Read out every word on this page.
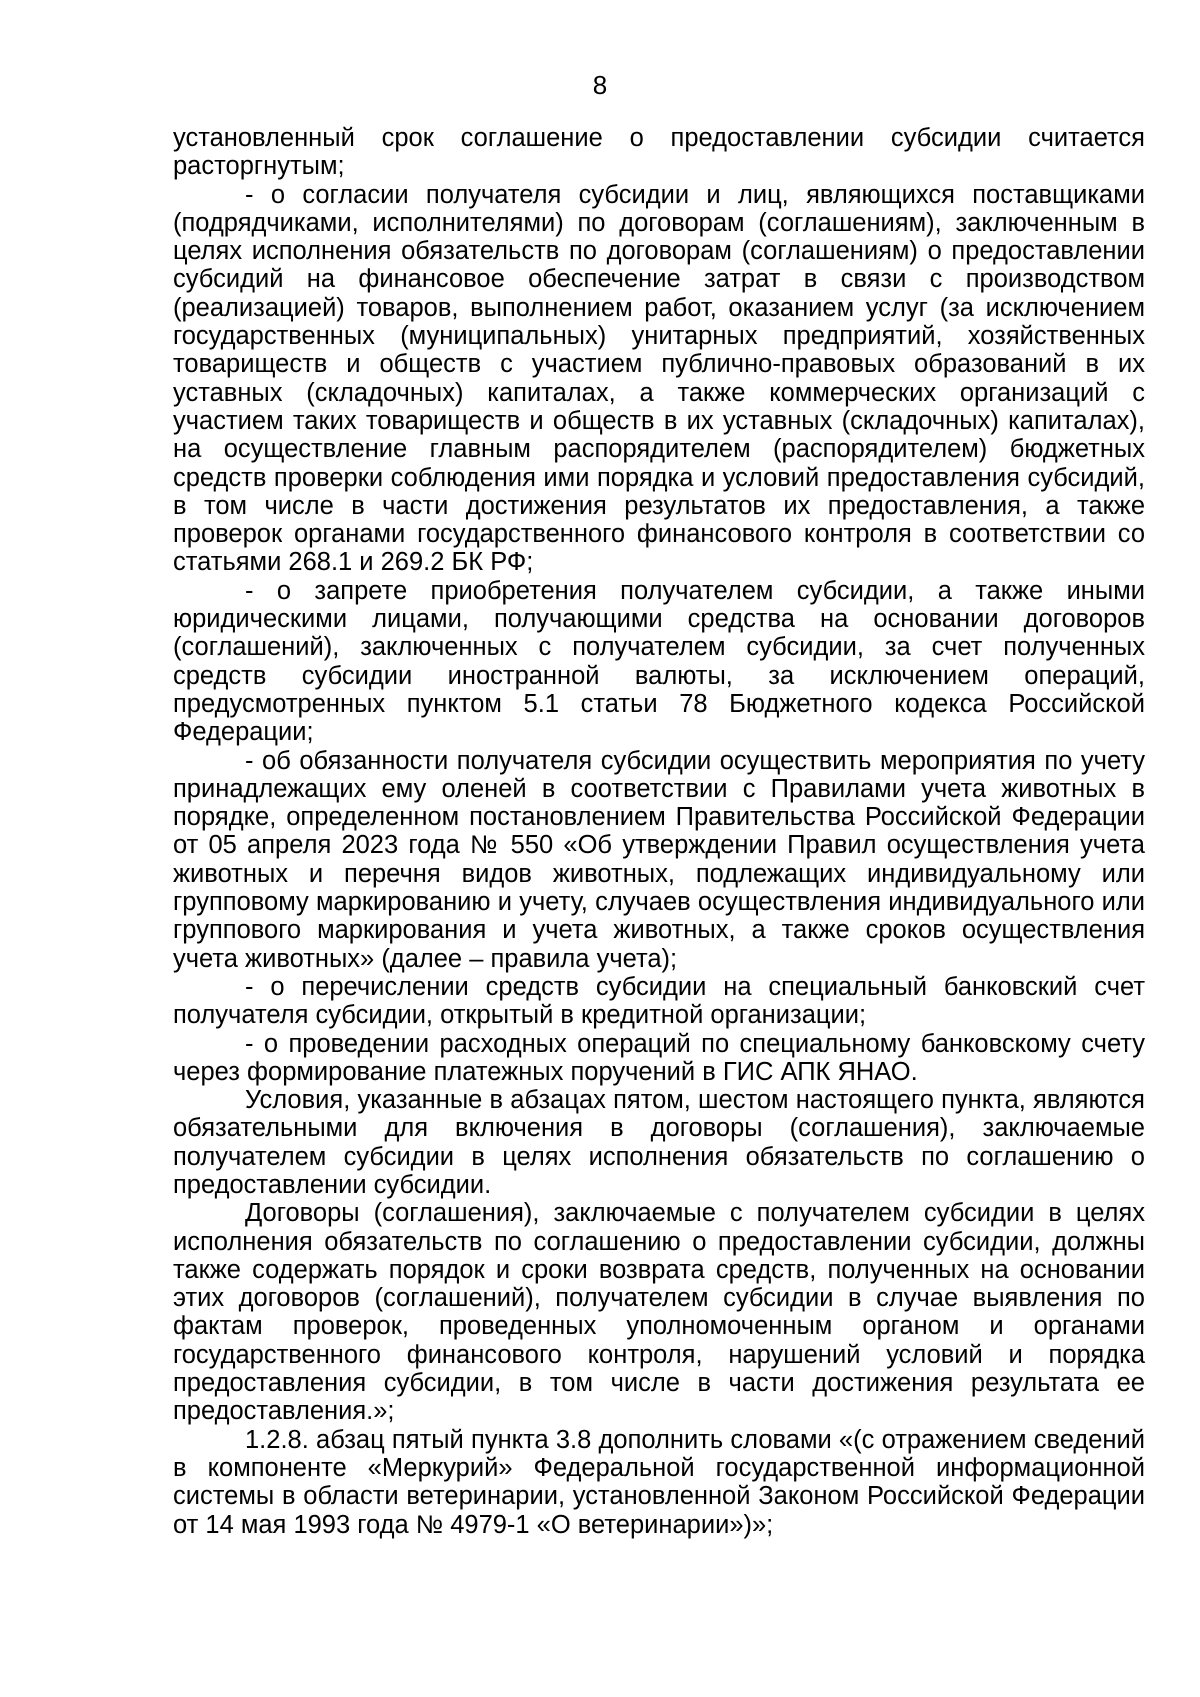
8

установленный срок соглашение о предоставлении субсидии считается расторгнутым;

- о согласии получателя субсидии и лиц, являющихся поставщиками (подрядчиками, исполнителями) по договорам (соглашениям), заключенным в целях исполнения обязательств по договорам (соглашениям) о предоставлении субсидий на финансовое обеспечение затрат в связи с производством (реализацией) товаров, выполнением работ, оказанием услуг (за исключением государственных (муниципальных) унитарных предприятий, хозяйственных товариществ и обществ с участием публично-правовых образований в их уставных (складочных) капиталах, а также коммерческих организаций с участием таких товариществ и обществ в их уставных (складочных) капиталах), на осуществление главным распорядителем (распорядителем) бюджетных средств проверки соблюдения ими порядка и условий предоставления субсидий, в том числе в части достижения результатов их предоставления, а также проверок органами государственного финансового контроля в соответствии со статьями 268.1 и 269.2 БК РФ;

- о запрете приобретения получателем субсидии, а также иными юридическими лицами, получающими средства на основании договоров (соглашений), заключенных с получателем субсидии, за счет полученных средств субсидии иностранной валюты, за исключением операций, предусмотренных пунктом 5.1 статьи 78 Бюджетного кодекса Российской Федерации;

- об обязанности получателя субсидии осуществить мероприятия по учету принадлежащих ему оленей в соответствии с Правилами учета животных в порядке, определенном постановлением Правительства Российской Федерации от 05 апреля 2023 года № 550 «Об утверждении Правил осуществления учета животных и перечня видов животных, подлежащих индивидуальному или групповому маркированию и учету, случаев осуществления индивидуального или группового маркирования и учета животных, а также сроков осуществления учета животных» (далее – правила учета);

- о перечислении средств субсидии на специальный банковский счет получателя субсидии, открытый в кредитной организации;

- о проведении расходных операций по специальному банковскому счету через формирование платежных поручений в ГИС АПК ЯНАО.

Условия, указанные в абзацах пятом, шестом настоящего пункта, являются обязательными для включения в договоры (соглашения), заключаемые получателем субсидии в целях исполнения обязательств по соглашению о предоставлении субсидии.

Договоры (соглашения), заключаемые с получателем субсидии в целях исполнения обязательств по соглашению о предоставлении субсидии, должны также содержать порядок и сроки возврата средств, полученных на основании этих договоров (соглашений), получателем субсидии в случае выявления по фактам проверок, проведенных уполномоченным органом и органами государственного финансового контроля, нарушений условий и порядка предоставления субсидии, в том числе в части достижения результата ее предоставления.»;

1.2.8. абзац пятый пункта 3.8 дополнить словами «(с отражением сведений в компоненте «Меркурий» Федеральной государственной информационной системы в области ветеринарии, установленной Законом Российской Федерации от 14 мая 1993 года № 4979-1 «О ветеринарии»)»;
